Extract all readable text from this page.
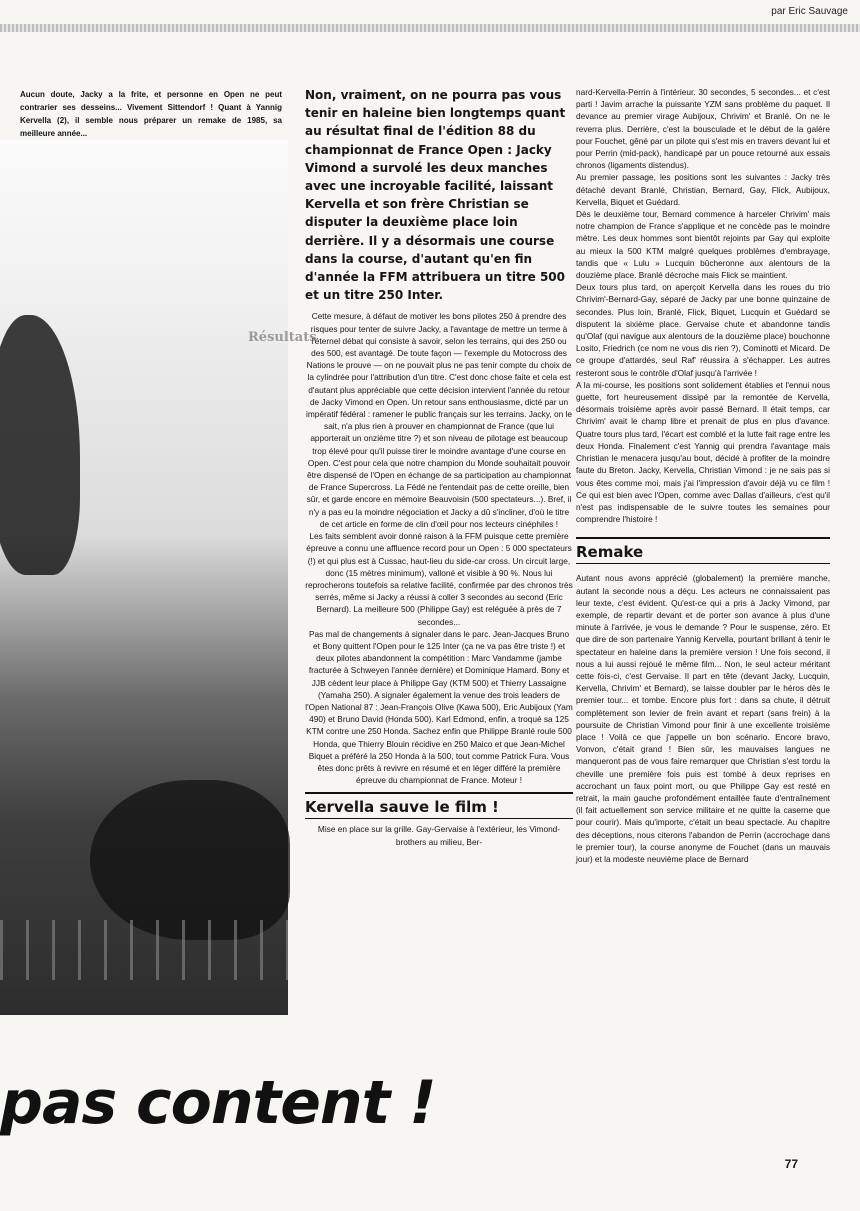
par Eric Sauvage
Résultats
Aucun doute, Jacky a la frite, et personne en Open ne peut contrarier ses desseins... Vivement Sittendorf ! Quant à Yannig Kervella (2), il semble nous préparer un remake de 1985, sa meilleure année...
pas content !
Non, vraiment, on ne pourra pas vous tenir en haleine bien longtemps quant au résultat final de l'édition 88 du championnat de France Open : Jacky Vimond a survolé les deux manches avec une incroyable facilité, laissant Kervella et son frère Christian se disputer la deuxième place loin derrière. Il y a désormais une course dans la course, d'autant qu'en fin d'année la FFM attribuera un titre 500 et un titre 250 Inter.

Cette mesure, à défaut de motiver les bons pilotes 250 à prendre des risques pour tenter de suivre Jacky, a l'avantage de mettre un terme à l'éternel débat qui consiste à savoir, selon les terrains, qui des 250 ou des 500, est avantagé. De toute façon — l'exemple du Motocross des Nations le prouve — on ne pouvait plus ne pas tenir compte du choix de la cylindrée pour l'attribution d'un titre. C'est donc chose faite et cela est d'autant plus appréciable que cette décision intervient l'année du retour de Jacky Vimond en Open. Un retour sans enthousiasme, dicté par un impératif fédéral : ramener le public français sur les terrains. Jacky, on le sait, n'a plus rien à prouver en championnat de France (que lui apporterait un onzième titre ?) et son niveau de pilotage est beaucoup trop élevé pour qu'il puisse tirer le moindre avantage d'une course en Open. C'est pour cela que notre champion du Monde souhaitait pouvoir être dispensé de l'Open en échange de sa participation au championnat de France Supercross. La Fédé ne l'entendait pas de cette oreille, bien sûr, et garde encore en mémoire Beauvoisin (500 spectateurs...). Bref, il n'y a pas eu la moindre négociation et Jacky a dû s'incliner, d'où le titre de cet article en forme de clin d'œil pour nos lecteurs cinéphiles !

Les faits semblent avoir donné raison à la FFM puisque cette première épreuve a connu une affluence record pour un Open : 5 000 spectateurs (!) et qui plus est à Cussac, haut-lieu du side-car cross. Un circuit large, donc (15 mètres minimum), valloné et visible à 90 %. Nous lui reprocherons toutefois sa relative facilité, confirmée par des chronos très serrés, même si Jacky a réussi à coller 3 secondes au second (Eric Bernard). La meilleure 500 (Philippe Gay) est reléguée à près de 7 secondes...

Pas mal de changements à signaler dans le parc. Jean-Jacques Bruno et Bony quittent l'Open pour le 125 Inter (ça ne va pas être triste !) et deux pilotes abandonnent la compétition : Marc Vandamme (jambe fracturée à Schweyen l'année dernière) et Dominique Hamard. Bony et JJB cèdent leur place à Philippe Gay (KTM 500) et Thierry Lassaigne (Yamaha 250). A signaler également la venue des trois leaders de l'Open National 87 : Jean-François Olive (Kawa 500), Eric Aubijoux (Yam 490) et Bruno David (Honda 500). Karl Edmond, enfin, a troqué sa 125 KTM contre une 250 Honda. Sachez enfin que Philippe Branlé roule 500 Honda, que Thierry Blouin récidive en 250 Maico et que Jean-Michel Biquet a préféré la 250 Honda à la 500, tout comme Patrick Fura. Vous êtes donc prêts à revivre en résumé et en léger différé la première épreuve du championnat de France. Moteur !

Kervella sauve le film !

Mise en place sur la grille. Gay-Gervaise à l'extérieur, les Vimond-brothers au milieu, Ber-

nard-Kervella-Perrin à l'intérieur. 30 secondes, 5 secondes... et c'est parti ! Javim arrache la puissante YZM sans problème du paquet. Il devance au premier virage Aubijoux, Chrivim' et Branlé. On ne le reverra plus. Derrière, c'est la bousculade et le début de la galère pour Fouchet, gêné par un pilote qui s'est mis en travers devant lui et pour Perrin (mid-pack), handicapé par un pouce retourné aux essais chronos (ligaments distendus).

Au premier passage, les positions sont les suivantes : Jacky très détaché devant Branlé, Christian, Bernard, Gay, Flick, Aubijoux, Kervella, Biquet et Guédard.

Dès le deuxième tour, Bernard commence à harceler Chrivim' mais notre champion de France s'applique et ne concède pas le moindre mètre. Les deux hommes sont bientôt rejoints par Gay qui exploite au mieux la 500 KTM malgré quelques problèmes d'embrayage, tandis que « Lulu » Lucquin bûcheronne aux alentours de la douzième place. Branlé décroche mais Flick se maintient.

Deux tours plus tard, on aperçoit Kervella dans les roues du trio Chrivim'-Bernard-Gay, séparé de Jacky par une bonne quinzaine de secondes. Plus loin, Branlé, Flick, Biquet, Lucquin et Guédard se disputent la sixième place. Gervaise chute et abandonne tandis qu'Olaf (qui navigue aux alentours de la douzième place) bouchonne Losito, Friedrich (ce nom ne vous dis rien ?), Cominotti et Micard. De ce groupe d'attardés, seul Raf' réussira à s'échapper. Les autres resteront sous le contrôle d'Olaf jusqu'à l'arrivée !

A la mi-course, les positions sont solidement établies et l'ennui nous guette, fort heureusement dissipé par la remontée de Kervella, désormais troisième après avoir passé Bernard. Il était temps, car Chrivim' avait le champ libre et prenait de plus en plus d'avance. Quatre tours plus tard, l'écart est comblé et la lutte fait rage entre les deux Honda. Finalement c'est Yannig qui prendra l'avantage mais Christian le menacera jusqu'au bout, décidé à profiter de la moindre faute du Breton. Jacky, Kervella, Christian Vimond : je ne sais pas si vous êtes comme moi, mais j'ai l'impression d'avoir déjà vu ce film ! Ce qui est bien avec l'Open, comme avec Dallas d'ailleurs, c'est qu'il n'est pas indispensable de le suivre toutes les semaines pour comprendre l'histoire !

Remake

Autant nous avons apprécié (globalement) la première manche, autant la seconde nous a déçu. Les acteurs ne connaissaient pas leur texte, c'est évident. Qu'est-ce qui a pris à Jacky Vimond, par exemple, de repartir devant et de porter son avance à plus d'une minute à l'arrivée, je vous le demande ? Pour le suspense, zéro. Et que dire de son partenaire Yannig Kervella, pourtant brillant à tenir le spectateur en haleine dans la première version ! Une fois second, il nous a lui aussi rejoué le même film... Non, le seul acteur méritant cette fois-ci, c'est Gervaise. Il part en tête (devant Jacky, Lucquin, Kervella, Chrivim' et Bernard), se laisse doubler par le héros dès le premier tour... et tombe. Encore plus fort : dans sa chute, il détruit complètement son levier de frein avant et repart (sans frein) à la poursuite de Christian Vimond pour finir à une excellente troisième place ! Voilà ce que j'appelle un bon scénario. Encore bravo, Vonvon, c'était grand ! Bien sûr, les mauvaises langues ne manqueront pas de vous faire remarquer que Christian s'est tordu la cheville une première fois puis est tombé à deux reprises en accrochant un faux point mort, ou que Philippe Gay est resté en retrait, la main gauche profondément entaillée faute d'entraînement (il fait actuellement son service militaire et ne quitte la caserne que pour courir). Mais qu'importe, c'était un beau spectacle. Au chapitre des déceptions, nous citerons l'abandon de Perrin (accrochage dans le premier tour), la course anonyme de Fouchet (dans un mauvais jour) et la modeste neuvième place de Bernard

77
